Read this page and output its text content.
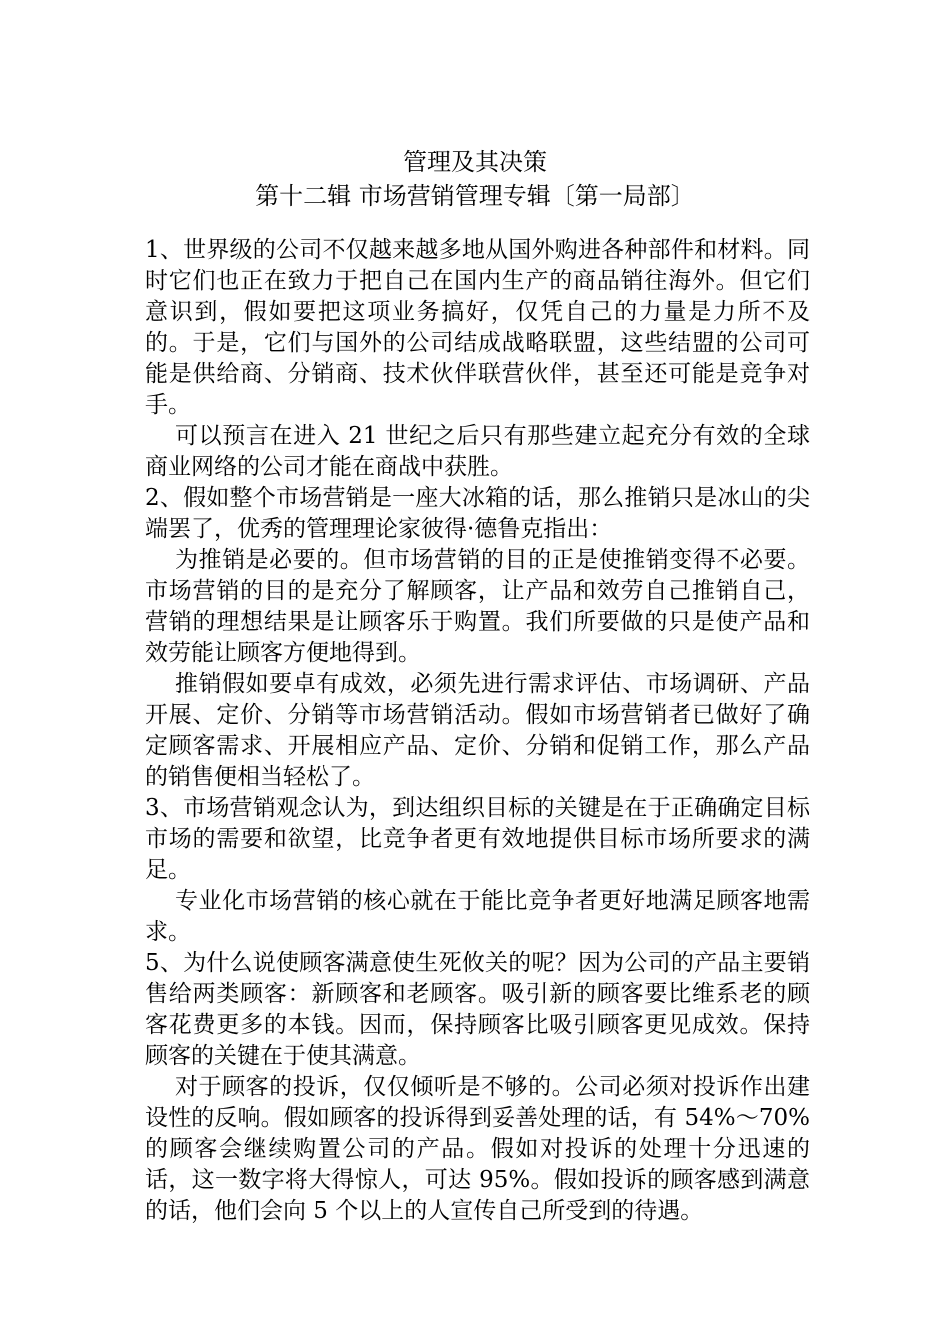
管理及其决策
第十二辑 市场营销管理专辑〔第一局部〕

1、世界级的公司不仅越来越多地从国外购进各种部件和材料。同时它们也正在致力于把自己在国内生产的商品销往海外。但它们意识到，假如要把这项业务搞好，仅凭自己的力量是力所不及的。于是，它们与国外的公司结成战略联盟，这些结盟的公司可能是供给商、分销商、技术伙伴联营伙伴，甚至还可能是竞争对手。

可以预言在进入 21 世纪之后只有那些建立起充分有效的全球商业网络的公司才能在商战中获胜。

2、假如整个市场营销是一座大冰箱的话，那么推销只是冰山的尖端罢了，优秀的管理理论家彼得·德鲁克指出：

为推销是必要的。但市场营销的目的正是使推销变得不必要。市场营销的目的是充分了解顾客，让产品和效劳自己推销自己，营销的理想结果是让顾客乐于购置。我们所要做的只是使产品和效劳能让顾客方便地得到。

推销假如要卓有成效，必须先进行需求评估、市场调研、产品开展、定价、分销等市场营销活动。假如市场营销者已做好了确定顾客需求、开展相应产品、定价、分销和促销工作，那么产品的销售便相当轻松了。

3、市场营销观念认为，到达组织目标的关键是在于正确确定目标市场的需要和欲望，比竞争者更有效地提供目标市场所要求的满足。

专业化市场营销的核心就在于能比竞争者更好地满足顾客地需求。

5、为什么说使顾客满意使生死攸关的呢？因为公司的产品主要销售给两类顾客：新顾客和老顾客。吸引新的顾客要比维系老的顾客花费更多的本钱。因而，保持顾客比吸引顾客更见成效。保持顾客的关键在于使其满意。

对于顾客的投诉，仅仅倾听是不够的。公司必须对投诉作出建设性的反响。假如顾客的投诉得到妥善处理的话，有 54%～70%的顾客会继续购置公司的产品。假如对投诉的处理十分迅速的话，这一数字将大得惊人，可达 95%。假如投诉的顾客感到满意的话，他们会向 5 个以上的人宣传自己所受到的待遇。
